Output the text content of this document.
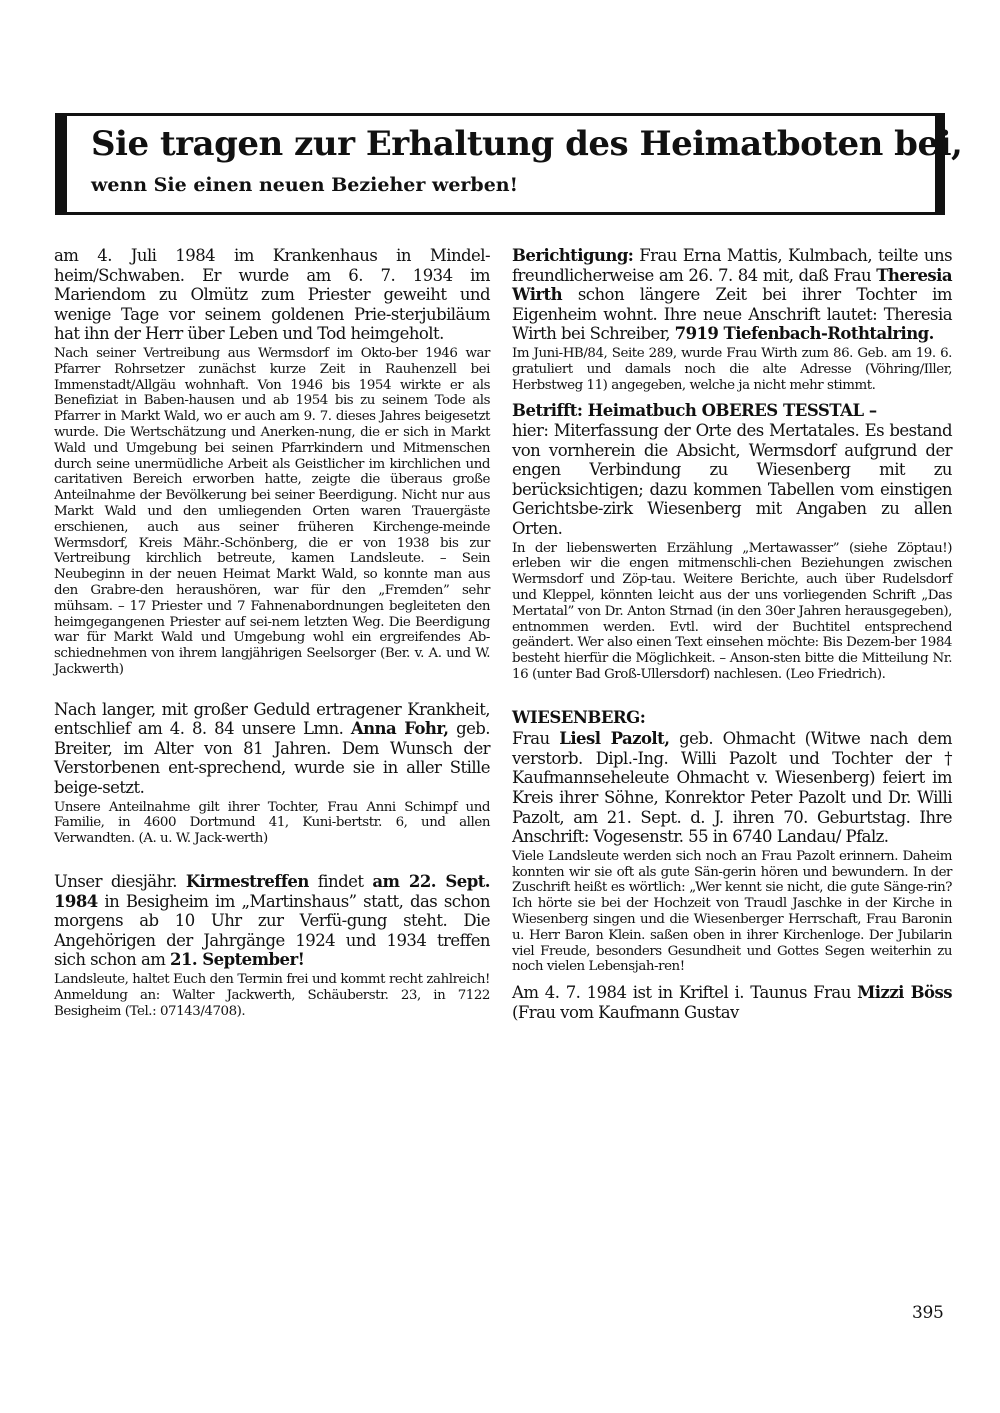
Sie tragen zur Erhaltung des Heimatboten bei,
wenn Sie einen neuen Bezieher werben!

am 4. Juli 1984 im Krankenhaus in Mindel-heim/Schwaben. Er wurde am 6. 7. 1934 im Mariendom zu Olmütz zum Priester geweiht und wenige Tage vor seinem goldenen Prie-sterjubiläum hat ihn der Herr über Leben und Tod heimgeholt.

Nach seiner Vertreibung aus Wermsdorf im Okto-ber 1946 war Pfarrer Rohrsetzer zunächst kurze Zeit in Rauhenzell bei Immenstadt/Allgäu wohnhaft. Von 1946 bis 1954 wirkte er als Benefiziat in Baben-hausen und ab 1954 bis zu seinem Tode als Pfarrer in Markt Wald, wo er auch am 9. 7. dieses Jahres beigesetzt wurde. Die Wertschätzung und Anerken-nung, die er sich in Markt Wald und Umgebung bei seinen Pfarrkindern und Mitmenschen durch seine unermüdliche Arbeit als Geistlicher im kirchlichen und caritativen Bereich erworben hatte, zeigte die überaus große Anteilnahme der Bevölkerung bei seiner Beerdigung. Nicht nur aus Markt Wald und den umliegenden Orten waren Trauergäste erschienen, auch aus seiner früheren Kirchenge-meinde Wermsdorf, Kreis Mähr.-Schönberg, die er von 1938 bis zur Vertreibung kirchlich betreute, kamen Landsleute. – Sein Neubeginn in der neuen Heimat Markt Wald, so konnte man aus den Grabre-den heraushören, war für den „Fremden” sehr mühsam. – 17 Priester und 7 Fahnenabordnungen begleiteten den heimgegangenen Priester auf sei-nem letzten Weg. Die Beerdigung war für Markt Wald und Umgebung wohl ein ergreifendes Ab-schiednehmen von ihrem langjährigen Seelsorger (Ber. v. A. und W. Jackwerth)

Nach langer, mit großer Geduld ertragener Krankheit, entschlief am 4. 8. 84 unsere Lmn. Anna Fohr, geb. Breiter, im Alter von 81 Jahren. Dem Wunsch der Verstorbenen ent-sprechend, wurde sie in aller Stille beige-setzt.

Unsere Anteilnahme gilt ihrer Tochter, Frau Anni Schimpf und Familie, in 4600 Dortmund 41, Kuni-bertstr. 6, und allen Verwandten. (A. u. W. Jack-werth)

Unser diesjähr. Kirmestreffen findet am 22. Sept. 1984 in Besigheim im „Martinshaus” statt, das schon morgens ab 10 Uhr zur Verfü-gung steht. Die Angehörigen der Jahrgänge 1924 und 1934 treffen sich schon am 21. September!

Landsleute, haltet Euch den Termin frei und kommt recht zahlreich! Anmeldung an: Walter Jackwerth, Schäuberstr. 23, in 7122 Besigheim (Tel.: 07143/4708).

Berichtigung: Frau Erna Mattis, Kulmbach, teilte uns freundlicherweise am 26. 7. 84 mit, daß Frau Theresia Wirth schon längere Zeit bei ihrer Tochter im Eigenheim wohnt. Ihre neue Anschrift lautet: Theresia Wirth bei Schreiber, 7919 Tiefenbach-Rothtalring.

Im Juni-HB/84, Seite 289, wurde Frau Wirth zum 86. Geb. am 19. 6. gratuliert und damals noch die alte Adresse (Vöhring/Iller, Herbstweg 11) angegeben, welche ja nicht mehr stimmt.

Betrifft: Heimatbuch OBERES TESSTAL –

hier: Miterfassung der Orte des Mertatales. Es bestand von vornherein die Absicht, Wermsdorf aufgrund der engen Verbindung zu Wiesenberg mit zu berücksichtigen; dazu kommen Tabellen vom einstigen Gerichtsbe-zirk Wiesenberg mit Angaben zu allen Orten.

In der liebenswerten Erzählung „Mertawasser” (siehe Zöptau!) erleben wir die engen mitmenschli-chen Beziehungen zwischen Wermsdorf und Zöp-tau. Weitere Berichte, auch über Rudelsdorf und Kleppel, könnten leicht aus der uns vorliegenden Schrift „Das Mertatal” von Dr. Anton Strnad (in den 30er Jahren herausgegeben), entnommen werden. Evtl. wird der Buchtitel entsprechend geändert. Wer also einen Text einsehen möchte: Bis Dezem-ber 1984 besteht hierfür die Möglichkeit. – Anson-sten bitte die Mitteilung Nr. 16 (unter Bad Groß-Ullersdorf) nachlesen. (Leo Friedrich).

WIESENBERG:

Frau Liesl Pazolt, geb. Ohmacht (Witwe nach dem verstorb. Dipl.-Ing. Willi Pazolt und Tochter der † Kaufmannseheleute Ohmacht v. Wiesenberg) feiert im Kreis ihrer Söhne, Konrektor Peter Pazolt und Dr. Willi Pazolt, am 21. Sept. d. J. ihren 70. Geburtstag. Ihre Anschrift: Vogesenstr. 55 in 6740 Landau/ Pfalz.

Viele Landsleute werden sich noch an Frau Pazolt erinnern. Daheim konnten wir sie oft als gute Sän-gerin hören und bewundern. In der Zuschrift heißt es wörtlich: „Wer kennt sie nicht, die gute Sänge-rin? Ich hörte sie bei der Hochzeit von Traudl Jaschke in der Kirche in Wiesenberg singen und die Wiesenberger Herrschaft, Frau Baronin u. Herr Baron Klein. saßen oben in ihrer Kirchenloge. Der Jubilarin viel Freude, besonders Gesundheit und Gottes Segen weiterhin zu noch vielen Lebensjah-ren!

Am 4. 7. 1984 ist in Kriftel i. Taunus Frau Mizzi Böss (Frau vom Kaufmann Gustav

395
